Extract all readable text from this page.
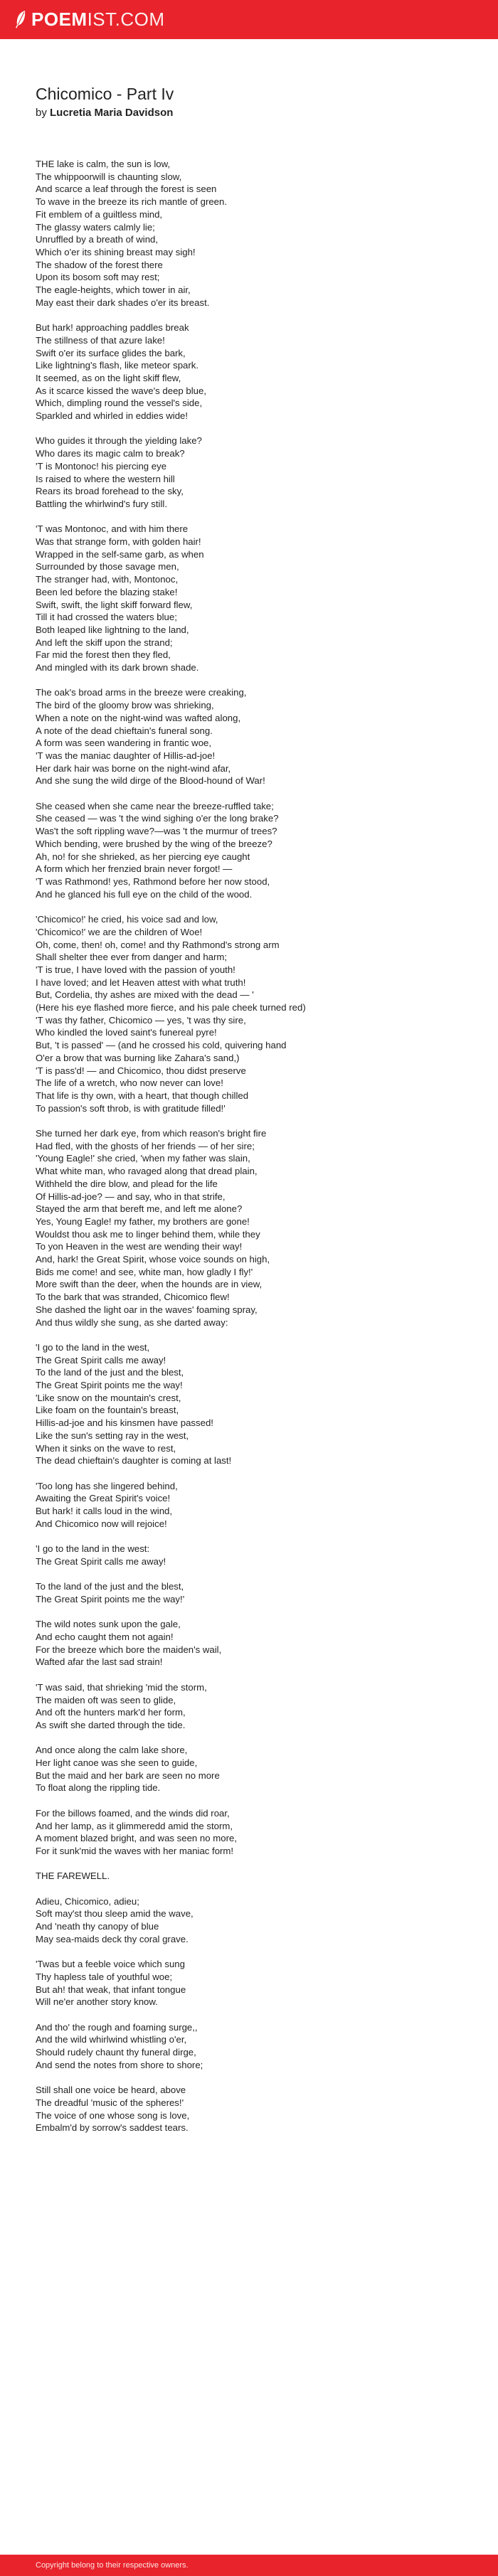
POEMIST.COM
Chicomico - Part Iv
by Lucretia Maria Davidson
THE lake is calm, the sun is low,
The whippoorwill is chaunting slow,
And scarce a leaf through the forest is seen
To wave in the breeze its rich mantle of green.
Fit emblem of a guiltless mind,
The glassy waters calmly lie;
Unruffled by a breath of wind,
Which o'er its shining breast may sigh!
The shadow of the forest there
Upon its bosom soft may rest;
The eagle-heights, which tower in air,
May east their dark shades o'er its breast.
But hark! approaching paddles break
The stillness of that azure lake!
Swift o'er its surface glides the bark,
Like lightning's flash, like meteor spark.
It seemed, as on the light skiff flew,
As it scarce kissed the wave's deep blue,
Which, dimpling round the vessel's side,
Sparkled and whirled in eddies wide!
Who guides it through the yielding lake?
Who dares its magic calm to break?
'T is Montonoc! his piercing eye
Is raised to where the western hill
Rears its broad forehead to the sky,
Battling the whirlwind's fury still.
'T was Montonoc, and with him there
Was that strange form, with golden hair!
Wrapped in the self-same garb, as when
Surrounded by those savage men,
The stranger had, with, Montonoc,
Been led before the blazing stake!
Swift, swift, the light skiff forward flew,
Till it had crossed the waters blue;
Both leaped like lightning to the land,
And left the skiff upon the strand;
Far mid the forest then they fled,
And mingled with its dark brown shade.
The oak's broad arms in the breeze were creaking,
The bird of the gloomy brow was shrieking,
When a note on the night-wind was wafted along,
A note of the dead chieftain's funeral song.
A form was seen wandering in frantic woe,
'T was the maniac daughter of Hillis-ad-joe!
Her dark hair was borne on the night-wind afar,
And she sung the wild dirge of the Blood-hound of War!
She ceased when she came near the breeze-ruffled take;
She ceased — was 't the wind sighing o'er the long brake?
Was't the soft rippling wave?—was 't the murmur of trees?
Which bending, were brushed by the wing of the breeze?
Ah, no! for she shrieked, as her piercing eye caught
A form which her frenzied brain never forgot! —
'T was Rathmond! yes, Rathmond before her now stood,
And he glanced his full eye on the child of the wood.
'Chicomico!' he cried, his voice sad and low,
'Chicomico!' we are the children of Woe!
Oh, come, then! oh, come! and thy Rathmond's strong arm
Shall shelter thee ever from danger and harm;
'T is true, I have loved with the passion of youth!
I have loved; and let Heaven attest with what truth!
But, Cordelia, thy ashes are mixed with the dead — '
(Here his eye flashed more fierce, and his pale cheek turned red)
'T was thy father, Chicomico — yes, 't was thy sire,
Who kindled the loved saint's funereal pyre!
But, 't is passed' — (and he crossed his cold, quivering hand
O'er a brow that was burning like Zahara's sand,)
'T is pass'd! — and Chicomico, thou didst preserve
The life of a wretch, who now never can love!
That life is thy own, with a heart, that though chilled
To passion's soft throb, is with gratitude filled!'
She turned her dark eye, from which reason's bright fire
Had fled, with the ghosts of her friends — of her sire;
'Young Eagle!' she cried, 'when my father was slain,
What white man, who ravaged along that dread plain,
Withheld the dire blow, and plead for the life
Of Hillis-ad-joe? — and say, who in that strife,
Stayed the arm that bereft me, and left me alone?
Yes, Young Eagle! my father, my brothers are gone!
Wouldst thou ask me to linger behind them, while they
To yon Heaven in the west are wending their way!
And, hark! the Great Spirit, whose voice sounds on high,
Bids me come! and see, white man, how gladly I fly!'
More swift than the deer, when the hounds are in view,
To the bark that was stranded, Chicomico flew!
She dashed the light oar in the waves' foaming spray,
And thus wildly she sung, as she darted away:
'I go to the land in the west,
The Great Spirit calls me away!
To the land of the just and the blest,
The Great Spirit points me the way!
'Like snow on the mountain's crest,
Like foam on the fountain's breast,
Hillis-ad-joe and his kinsmen have passed!
Like the sun's setting ray in the west,
When it sinks on the wave to rest,
The dead chieftain's daughter is coming at last!
'Too long has she lingered behind,
Awaiting the Great Spirit's voice!
But hark! it calls loud in the wind,
And Chicomico now will rejoice!
'I go to the land in the west:
The Great Spirit calls me away!
To the land of the just and the blest,
The Great Spirit points me the way!'
The wild notes sunk upon the gale,
And echo caught them not again!
For the breeze which bore the maiden's wail,
Wafted afar the last sad strain!
'T was said, that shrieking 'mid the storm,
The maiden oft was seen to glide,
And oft the hunters mark'd her form,
As swift she darted through the tide.
And once along the calm lake shore,
Her light canoe was she seen to guide,
But the maid and her bark are seen no more
To float along the rippling tide.
For the billows foamed, and the winds did roar,
And her lamp, as it glimmeredd amid the storm,
A moment blazed bright, and was seen no more,
For it sunk'mid the waves with her maniac form!
THE FAREWELL.
Adieu, Chicomico, adieu;
Soft may'st thou sleep amid the wave,
And 'neath thy canopy of blue
May sea-maids deck thy coral grave.
'Twas but a feeble voice which sung
Thy hapless tale of youthful woe;
But ah! that weak, that infant tongue
Will ne'er another story know.
And tho' the rough and foaming surge,,
And the wild whirlwind whistling o'er,
Should rudely chaunt thy funeral dirge,
And send the notes from shore to shore;
Still shall one voice be heard, above
The dreadful 'music of the spheres!'
The voice of one whose song is love,
Embalm'd by sorrow's saddest tears.
Copyright belong to their respective owners.
